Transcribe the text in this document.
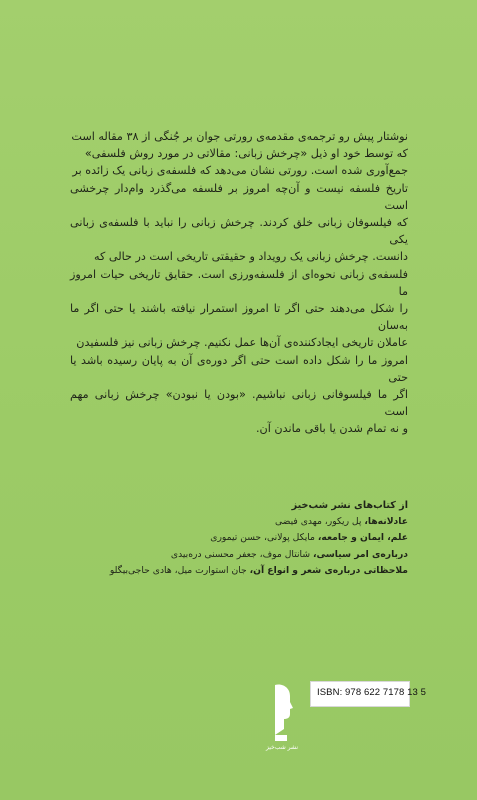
نوشتار پیش رو ترجمه‌ی مقدمه‌ی رورتی جوان بر جُنگی از ۳۸ مقاله است

که توسط خود او ذیل «چرخش زبانی: مقالاتی در مورد روش فلسفی»

جمع‌آوری شده است. رورتی نشان می‌دهد که فلسفه‌ی زبانی یک زائده بر

تاریخ فلسفه نیست و آن‌چه امروز بر فلسفه می‌گذرد وام‌دار چرخشی است

که فیلسوفان زبانی خلق کردند. چرخش زبانی را نباید با فلسفه‌ی زبانی یکی

دانست. چرخش زبانی یک رویداد و حقیقتی تاریخی است در حالی که

فلسفه‌ی زبانی نحوه‌ای از فلسفه‌ورزی است. حقایق تاریخی حیات امروز ما

را شکل می‌دهند حتی اگر تا امروز استمرار نیافته باشند یا حتی اگر ما به‌سان

عاملان تاریخی ایجادکننده‌ی آن‌ها عمل نکنیم. چرخش زبانی نیز فلسفیدن

امروز ما را شکل داده است حتی اگر دوره‌ی آن به پایان رسیده باشد یا حتی

اگر ما فیلسوفانی زبانی نباشیم. «بودن یا نبودن» چرخش زبانی مهم است

و نه تمام شدن یا باقی ماندن آن.

از کتاب‌های نشر شب‌خیز
عادلانه‌ها، پل ریکور، مهدی فیضی
علم، ایمان و جامعه، مایکل پولانی، حسن تیموری
درباره‌ی امر سیاسی، شانتال موف، جعفر محسنی دره‌بیدی
ملاحظاتی درباره‌ی شعر و انواع آن، جان استوارت میل، هادی حاجی‌بیگلو
نشر شب‌خیز
ISBN: 978 622 7178 13 5
